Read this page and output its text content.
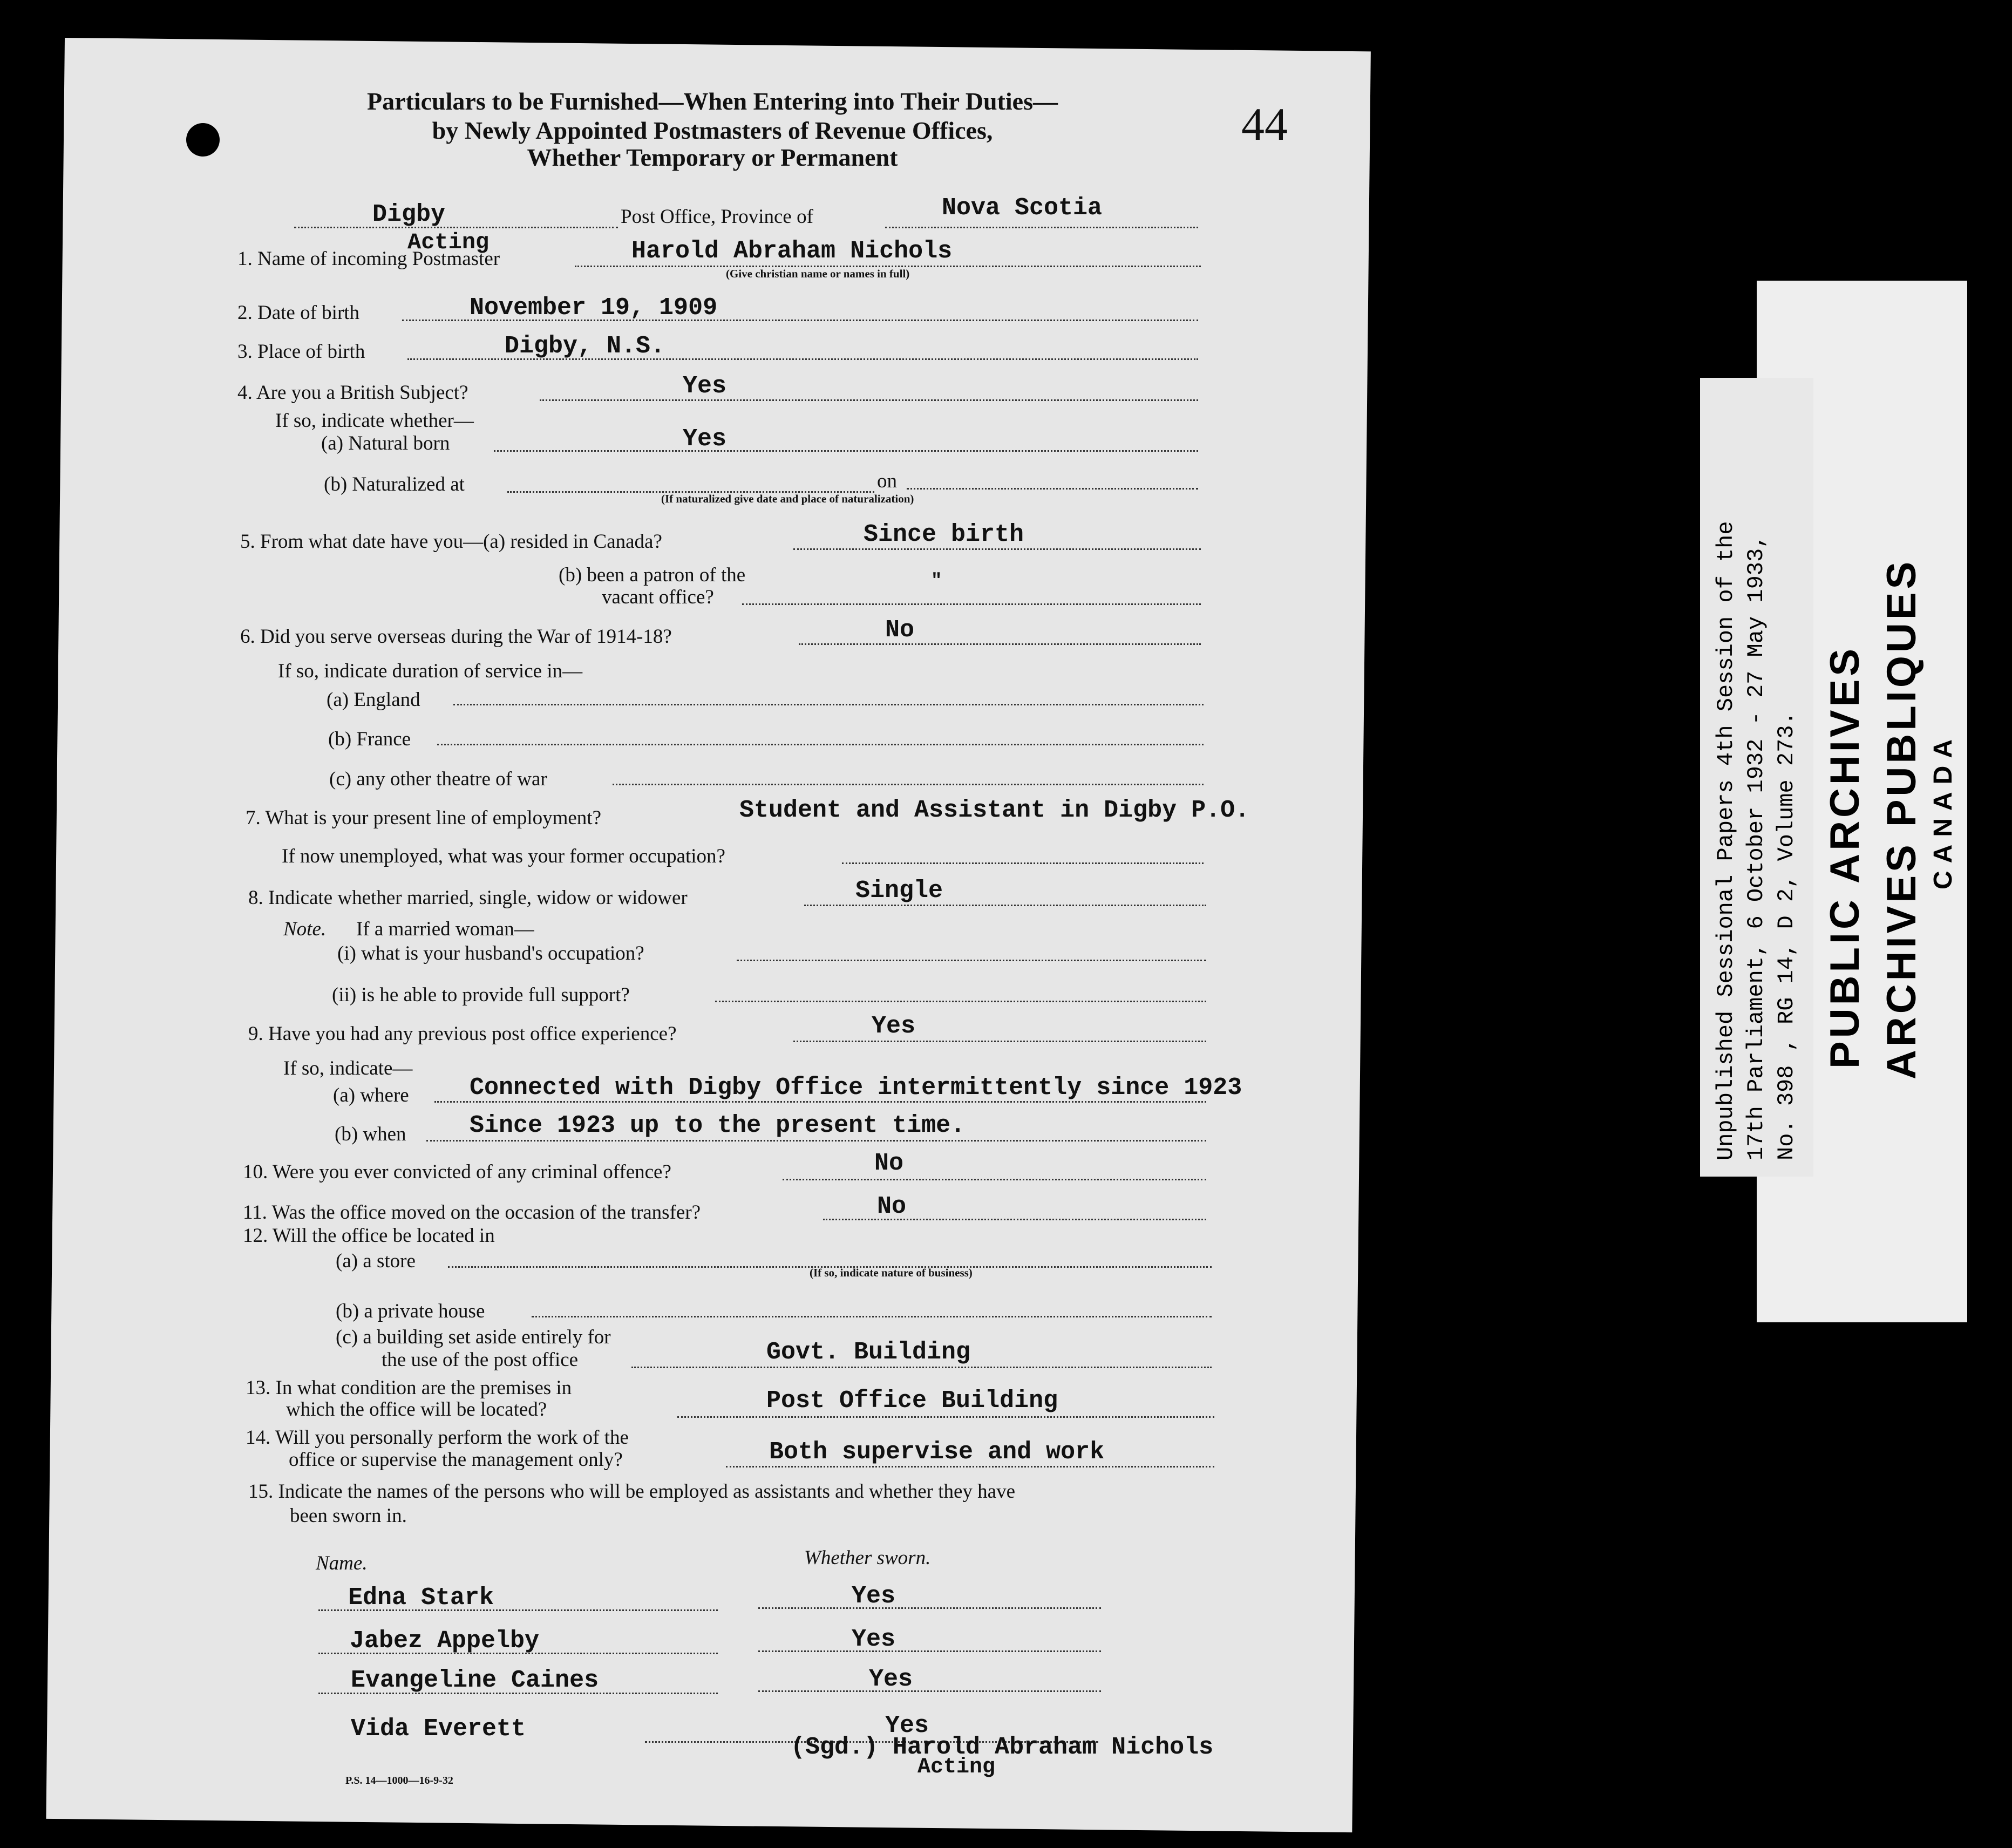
Particulars to be Furnished—When Entering into Their Duties—
by Newly Appointed Postmasters of Revenue Offices,
Whether Temporary or Permanent
44
Digby	Post Office, Province of	Nova Scotia
1. Name of incoming Postmaster
Acting	Harold Abraham Nichols
(Give christian name or names in full)
2. Date of birth	November 19, 1909
3. Place of birth	Digby, N.S.
4. Are you a British Subject?	Yes
If so, indicate whether—
(a) Natural born	Yes
(b) Naturalized at	on
(If naturalized give date and place of naturalization)
5. From what date have you—(a) resided in Canada?	Since birth
(b) been a patron of the
vacant office?
"
6. Did you serve overseas during the War of 1914-18?	No
If so, indicate duration of service in—
(a) England
(b) France
(c) any other theatre of war
7. What is your present line of employment?	Student and Assistant in Digby P.O.
If now unemployed, what was your former occupation?
8. Indicate whether married, single, widow or widower	Single
Note. If a married woman—
(i) what is your husband's occupation?
(ii) is he able to provide full support?
9. Have you had any previous post office experience?	Yes
If so, indicate—
(a) where Connected with Digby Office intermittently since 1923
(b) when	Since 1923 up to the present time.
10. Were you ever convicted of any criminal offence?	No
11. Was the office moved on the occasion of the transfer?	No
12. Will the office be located in
(a) a store
(If so, indicate nature of business)
(b) a private house
(c) a building set aside entirely for
the use of the post office	Govt. Building
13. In what condition are the premises in
which the office will be located?	Post Office Building
14. Will you personally perform the work of the
office or supervise the management only?	Both supervise and work
15. Indicate the names of the persons who will be employed as assistants and whether they have
been sworn in.
Name.	Whether sworn.
Edna Stark	Yes
Jabez Appelby	Yes
Evangeline Caines	Yes
Vida Everett	Yes
(Sgd.) Harold Abraham Nichols
Acting
P.S. 14—1000—16-9-32
PUBLIC ARCHIVES ARCHIVES PUBLIQUES CANADA
Unpublished Sessional Papers 4th Session of the 17th Parliament, 6 October 1932 - 27 May 1933, No. 398 , RG 14, D 2, Volume 273.
